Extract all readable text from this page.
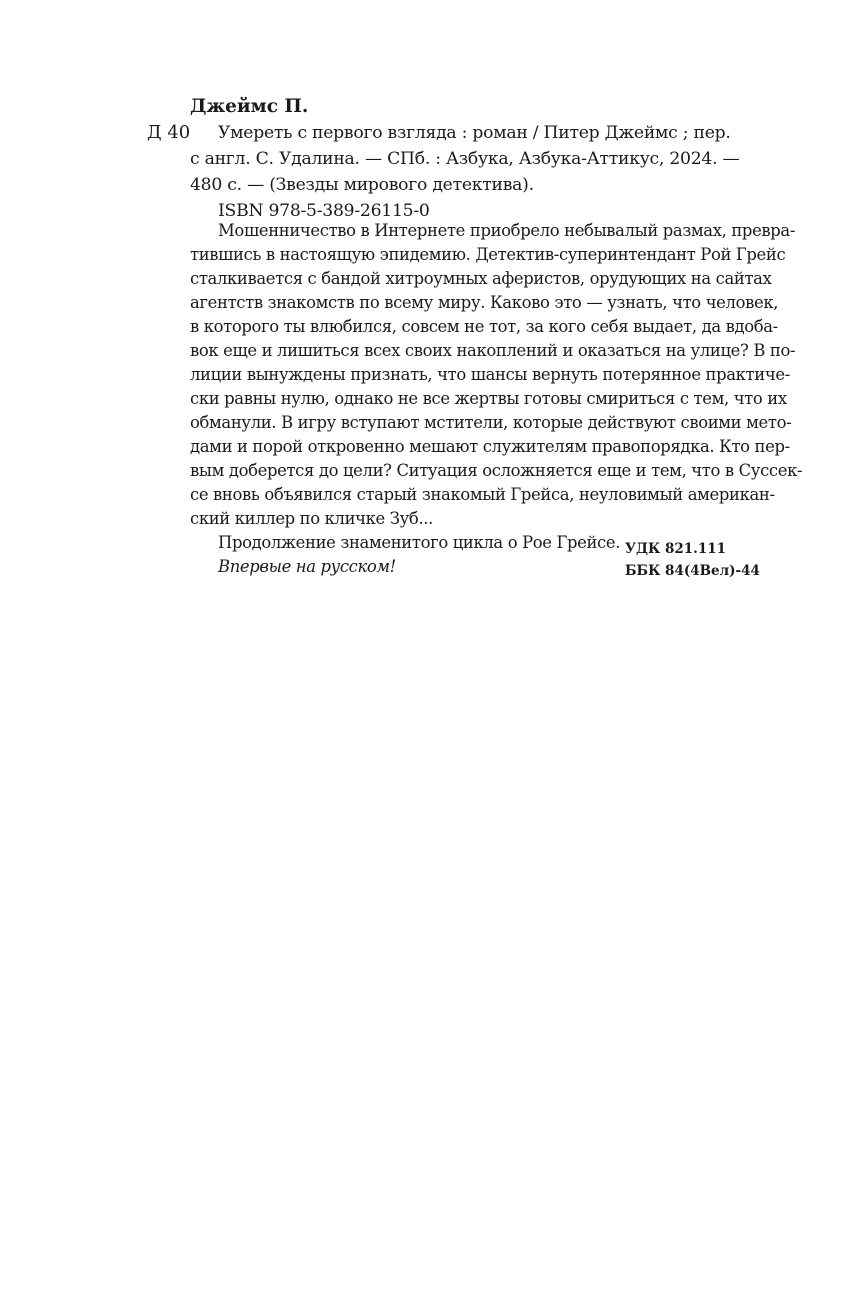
Джеймс П.
Д 40 Умереть с первого взгляда : роман / Питер Джеймс ; пер.
с англ. С. Удалина. — СПб. : Азбука, Азбука-Аттикус, 2024. —
480 с. — (Звезды мирового детектива).
ISBN 978-5-389-26115-0
Мошенничество в Интернете приобрело небывалый размах, превра-
тившись в настоящую эпидемию. Детектив-суперинтендант Рой Грейс
сталкивается с бандой хитроумных аферистов, орудующих на сайтах
агентств знакомств по всему миру. Каково это — узнать, что человек,
в которого ты влюбился, совсем не тот, за кого себя выдает, да вдоба-
вок еще и лишиться всех своих накоплений и оказаться на улице? В по-
лиции вынуждены признать, что шансы вернуть потерянное практиче-
ски равны нулю, однако не все жертвы готовы смириться с тем, что их
обманули. В игру вступают мстители, которые действуют своими мето-
дами и порой откровенно мешают служителям правопорядка. Кто пер-
вым доберется до цели? Ситуация осложняется еще и тем, что в Суссек-
се вновь объявился старый знакомый Грейса, неуловимый американ-
ский киллер по кличке Зуб...
Продолжение знаменитого цикла о Рое Грейсе.
Впервые на русском!
УДК 821.111
ББК 84(4Вел)-44
